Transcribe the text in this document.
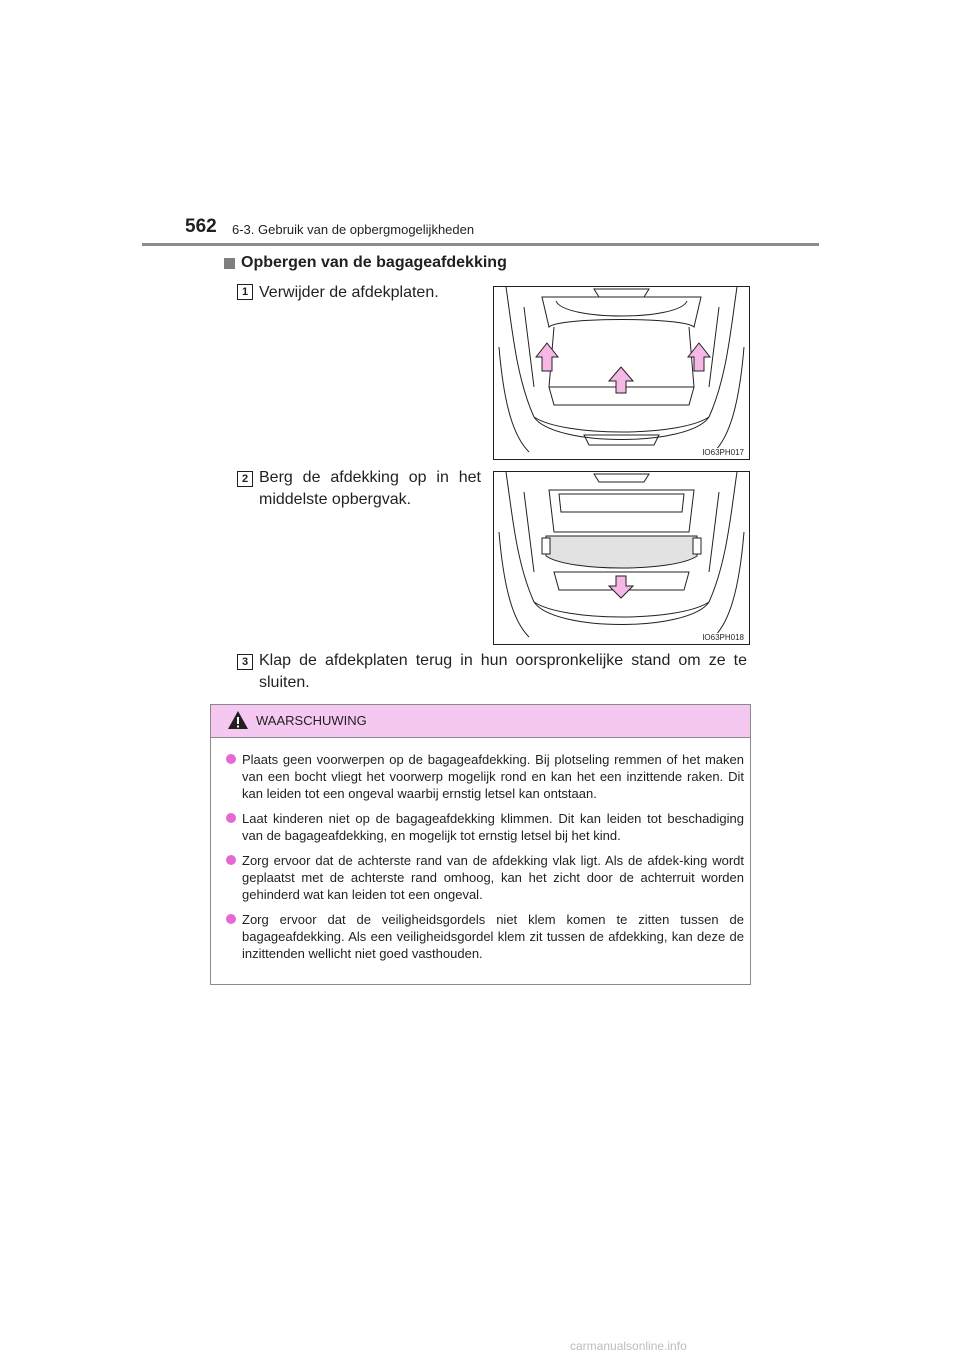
562 6-3. Gebruik van de opbergmogelijkheden
Opbergen van de bagageafdekking
1 Verwijder de afdekplaten.
IO63PH017
2 Berg de afdekking op in het middelste opbergvak.
IO63PH018
3 Klap de afdekplaten terug in hun oorspronkelijke stand om ze te sluiten.
WAARSCHUWING
Plaats geen voorwerpen op de bagageafdekking. Bij plotseling remmen of het maken van een bocht vliegt het voorwerp mogelijk rond en kan het een inzittende raken. Dit kan leiden tot een ongeval waarbij ernstig letsel kan ontstaan.
Laat kinderen niet op de bagageafdekking klimmen. Dit kan leiden tot beschadiging van de bagageafdekking, en mogelijk tot ernstig letsel bij het kind.
Zorg ervoor dat de achterste rand van de afdekking vlak ligt. Als de afdek-king wordt geplaatst met de achterste rand omhoog, kan het zicht door de achterruit worden gehinderd wat kan leiden tot een ongeval.
Zorg ervoor dat de veiligheidsgordels niet klem komen te zitten tussen de bagageafdekking. Als een veiligheidsgordel klem zit tussen de afdekking, kan deze de inzittenden wellicht niet goed vasthouden.
carmanualsonline.info
